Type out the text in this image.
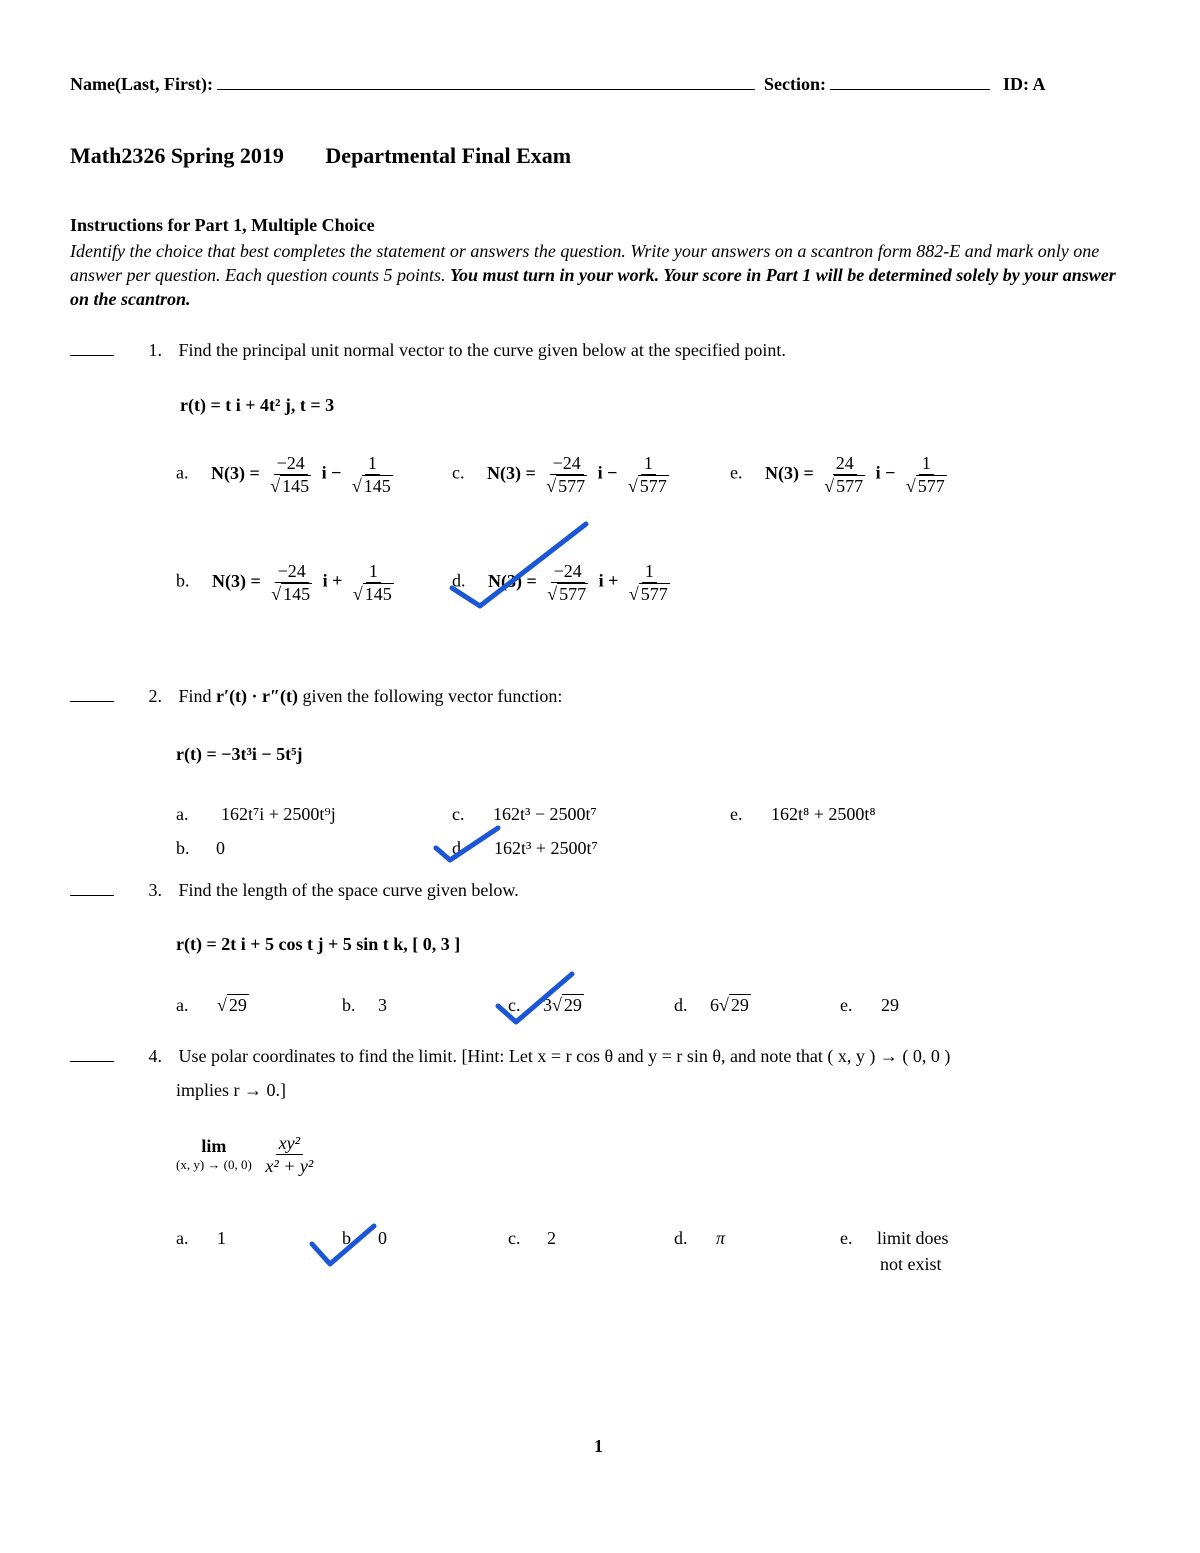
Name(Last, First):	Section:	ID: A
Math2326 Spring 2019 Departmental Final Exam
Instructions for Part 1, Multiple Choice
Identify the choice that best completes the statement or answers the question. Write your answers on a scantron form 882-E and mark only one answer per question. Each question counts 5 points. You must turn in your work. Your score in Part 1 will be determined solely by your answer on the scantron.
1. Find the principal unit normal vector to the curve given below at the specified point.
r(t) = t i + 4t² j, t = 3
a. $N(3) = \frac{-24}{√ 145}$ $i - \frac{1}{√ 145}$	c. $N(3) = \frac{-24}{√ 577}$ $i - \frac{1}{√ 577}$	e. $N(3) = \frac{24}{√ 577}$ $i - \frac{1}{√ 577}$
b. $N(3) = \frac{-24}{√ 145}$ $i + \frac{1}{√ 145}$	d. $N(3) = \frac{-24}{√ 577}$ $i + \frac{1}{√ 577}$
2. Find r′(t) · r″(t) given the following vector function:
r(t) = −3t³i − 5t⁵j
a. 162t⁷i + 2500t⁹j	c. 162t³ − 2500t⁷	e. 162t⁸ + 2500t⁸
b. 0	d. 162t³ + 2500t⁷
3. Find the length of the space curve given below.
r(t) = 2t i + 5 cos t j + 5 sin t k, [ 0, 3 ]
a. √ 29	b. 3	c. 3√ 29	d. 6√ 29	e. 29
4. Use polar coordinates to find the limit. [Hint: Let x = r cos θ and y = r sin θ, and note that ( x, y ) → ( 0, 0 )
implies r → 0.]
lim
(x, y) → (0, 0)
$\frac{\text{xy²}}{\text{x² + y²}}$
a. 1	b. 0	c. 2	d. π	e. limit does
not exist
1
